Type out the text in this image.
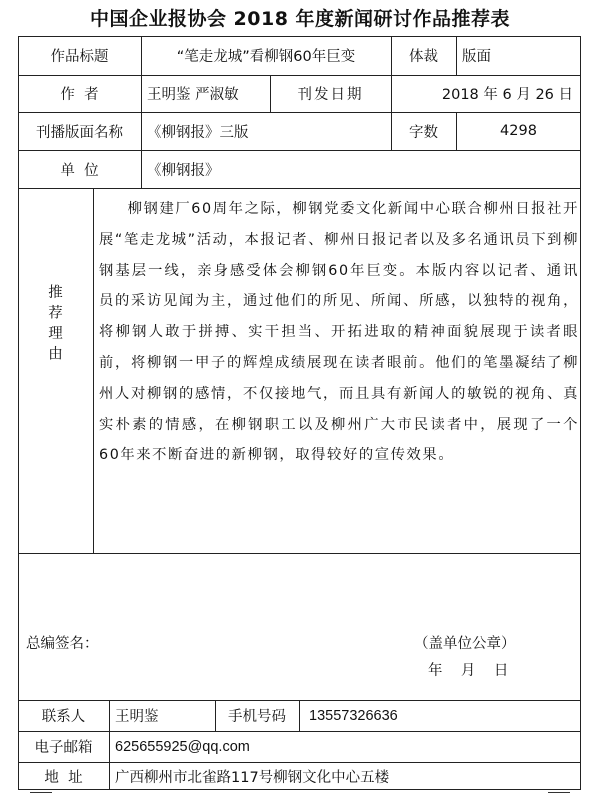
中国企业报协会 2018 年度新闻研讨作品推荐表
作品标题	“笔走龙城”看柳钢60年巨变	体裁	版面
作  者	王明鉴 严淑敏	刊发日期	2018 年 6 月 26 日
刊播版面名称	《柳钢报》三版	字数	4298
单  位	《柳钢报》
推荐理由

柳钢建厂60周年之际，柳钢党委文化新闻中心联合柳州日报社开展“笔走龙城”活动，本报记者、柳州日报记者以及多名通讯员下到柳钢基层一线，亲身感受体会柳钢60年巨变。本版内容以记者、通讯员的采访见闻为主，通过他们的所见、所闻、所感，以独特的视角，将柳钢人敢于拼搏、实干担当、开拓进取的精神面貌展现于读者眼前，将柳钢一甲子的辉煌成绩展现在读者眼前。他们的笔墨凝结了柳州人对柳钢的感情，不仅接地气，而且具有新闻人的敏锐的视角、真实朴素的情感，在柳钢职工以及柳州广大市民读者中，展现了一个60年来不断奋进的新柳钢，取得较好的宣传效果。

总编签名：	（盖单位公章）
年    月    日
联系人	王明鉴	手机号码	13557326636
电子邮箱	625655925@qq.com
地  址	广西柳州市北雀路117号柳钢文化中心五楼
